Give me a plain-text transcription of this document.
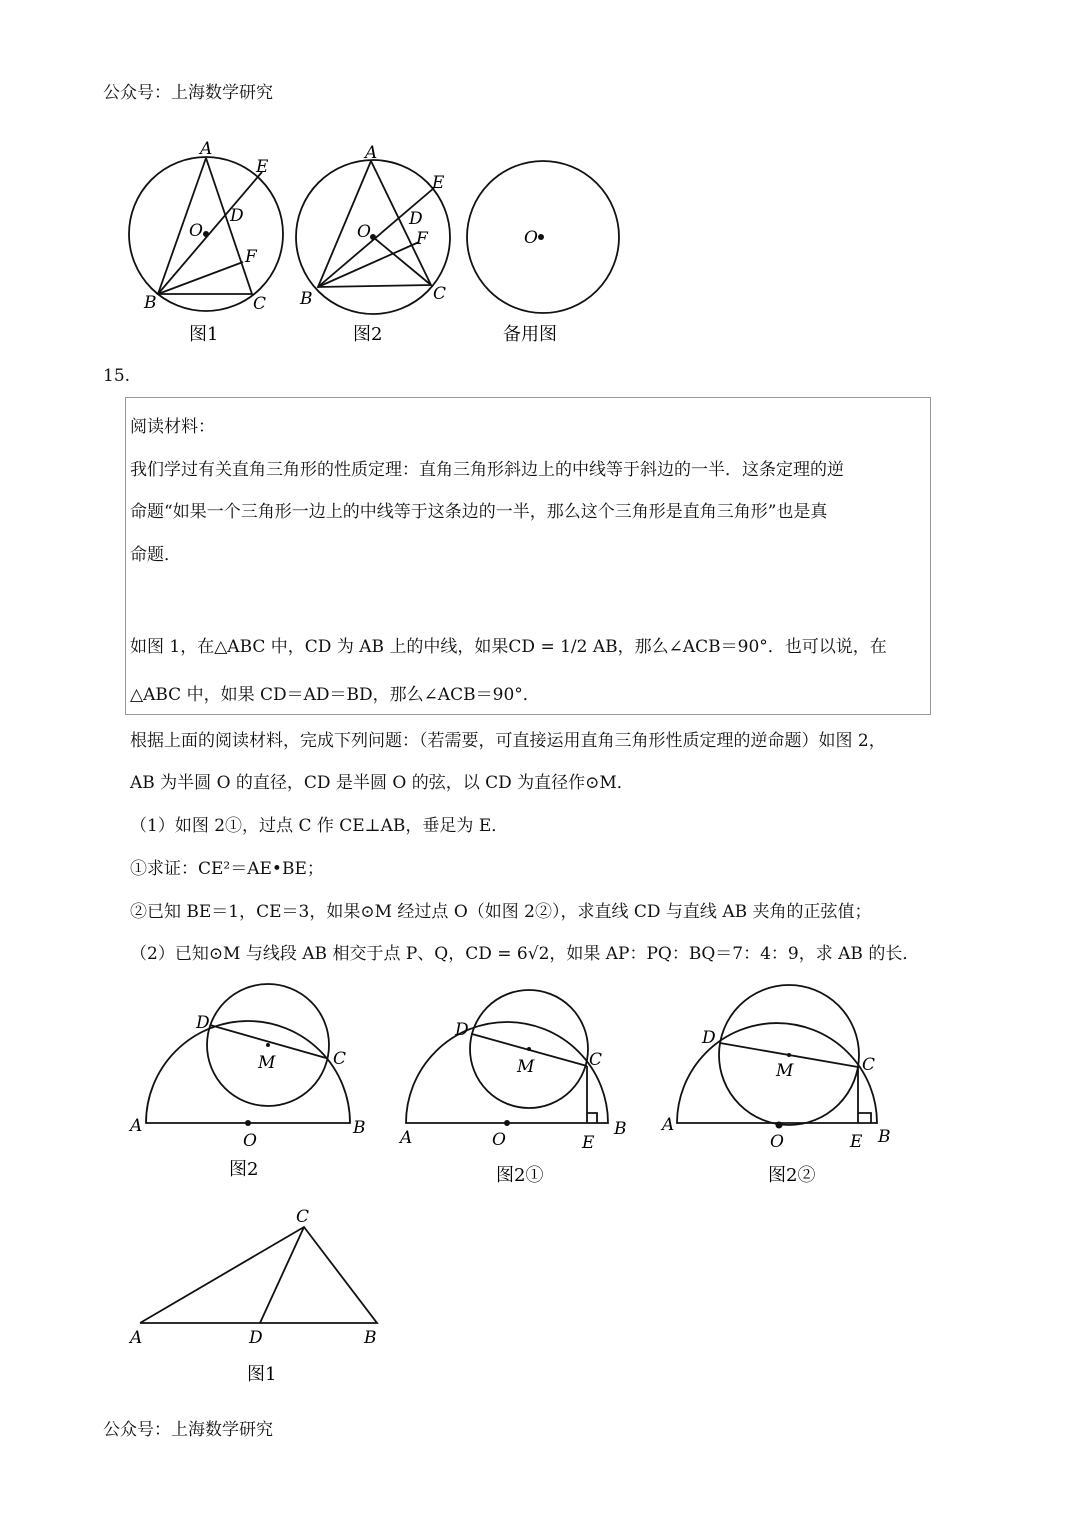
公众号：上海数学研究
A
E
D
O
F
B	C
图1
A
E
D
O	F
B	C
图2
O
备用图
15.
阅读材料：
我们学过有关直角三角形的性质定理：直角三角形斜边上的中线等于斜边的一半．这条定理的逆
命题“如果一个三角形一边上的中线等于这条边的一半，那么这个三角形是直角三角形”也是真
命题．
如图 1，在△ABC 中，CD 为 AB 上的中线，如果CD = 1/2 AB，那么∠ACB＝90°．也可以说，在
△ABC 中，如果 CD＝AD＝BD，那么∠ACB＝90°．
根据上面的阅读材料，完成下列问题：（若需要，可直接运用直角三角形性质定理的逆命题）如图 2，
AB 为半圆 O 的直径，CD 是半圆 O 的弦，以 CD 为直径作⊙M．
（1）如图 2①，过点 C 作 CE⊥AB，垂足为 E．
①求证：CE²＝AE•BE；
②已知 BE＝1，CE＝3，如果⊙M 经过点 O（如图 2②），求直线 CD 与直线 AB 夹角的正弦值；
（2）已知⊙M 与线段 AB 相交于点 P、Q，CD = 6√2，如果 AP：PQ：BQ＝7：4：9，求 AB 的长．
D
M	C
A
O
B
图2
D
M	C
A	O	E
B
图2①
D
M	C
A
O	E B
图2②
C
A	D	B
图1
公众号：上海数学研究
